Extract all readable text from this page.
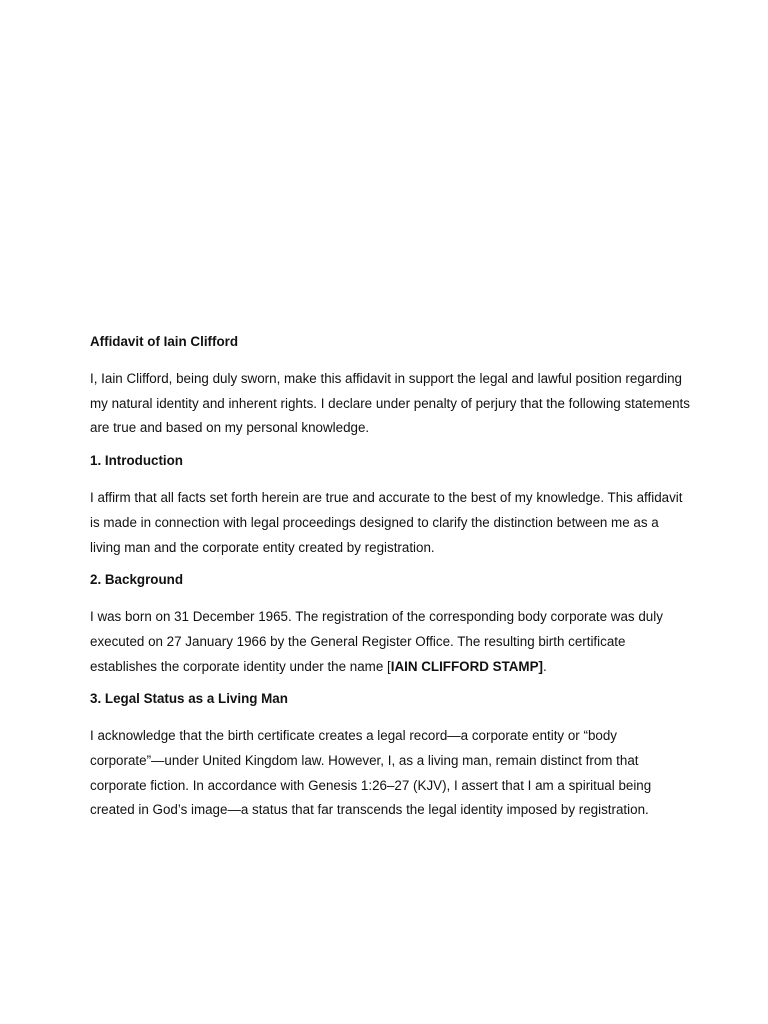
Affidavit of Iain Clifford

I, Iain Clifford, being duly sworn, make this affidavit in support the legal and lawful position regarding my natural identity and inherent rights. I declare under penalty of perjury that the following statements are true and based on my personal knowledge.

1. Introduction

I affirm that all facts set forth herein are true and accurate to the best of my knowledge. This affidavit is made in connection with legal proceedings designed to clarify the distinction between me as a living man and the corporate entity created by registration.

2. Background

I was born on 31 December 1965. The registration of the corresponding body corporate was duly executed on 27 January 1966 by the General Register Office. The resulting birth certificate establishes the corporate identity under the name [IAIN CLIFFORD STAMP].

3. Legal Status as a Living Man

I acknowledge that the birth certificate creates a legal record—a corporate entity or “body corporate”—under United Kingdom law. However, I, as a living man, remain distinct from that corporate fiction. In accordance with Genesis 1:26–27 (KJV), I assert that I am a spiritual being created in God’s image—a status that far transcends the legal identity imposed by registration.
